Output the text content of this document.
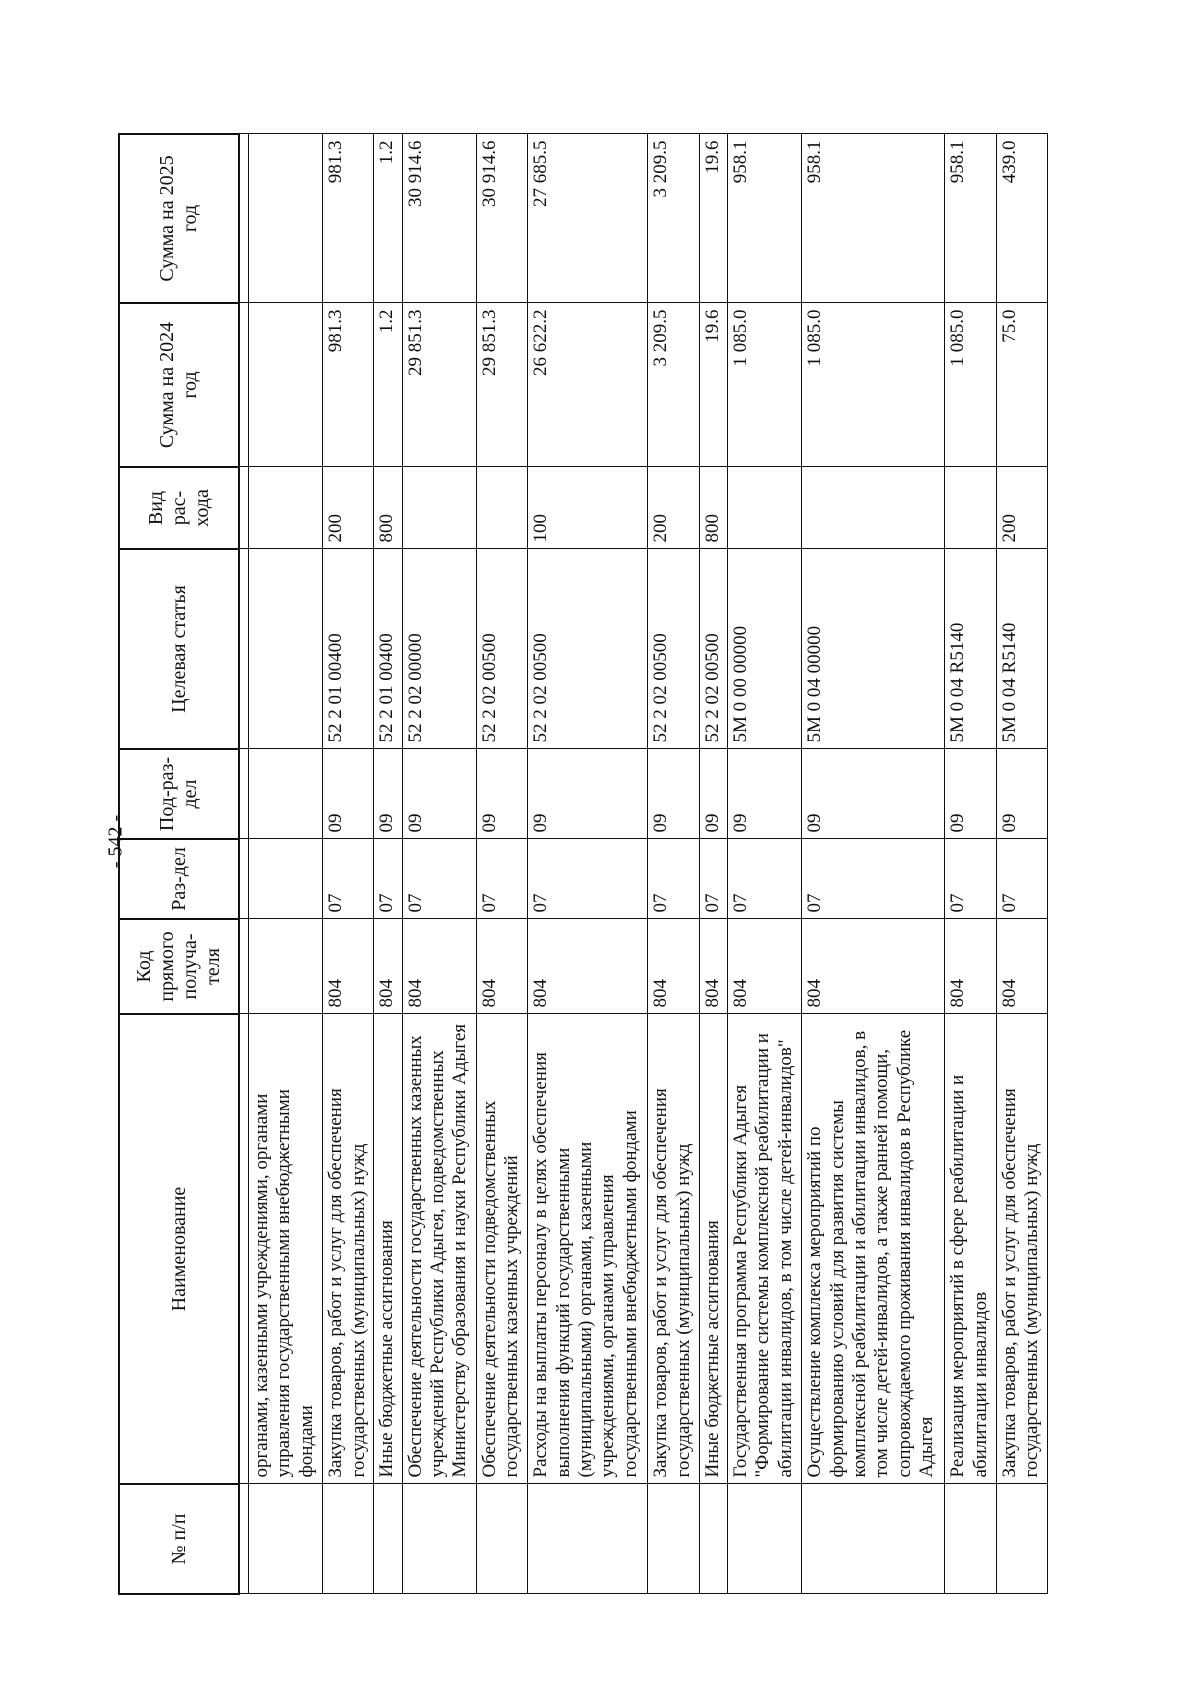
- 542 -
№ п/п	Наименование	Код прямого получа-теля	Раз-дел	Под-раз-дел	Целевая статья	Вид рас-хода	Сумма на 2024 год	Сумма на 2025 год

	органами, казенными учреждениями, органами управления государственными внебюджетными фондами							
	Закупка товаров, работ и услуг для обеспечения государственных (муниципальных) нужд	804	07	09	52 2 01 00400	200	981.3	981.3
	Иные бюджетные ассигнования	804	07	09	52 2 01 00400	800	1.2	1.2
	Обеспечение деятельности государственных казенных учреждений Республики Адыгея, подведомственных Министерству образования и науки Республики Адыгея	804	07	09	52 2 02 00000		29 851.3	30 914.6
	Обеспечение деятельности подведомственных государственных казенных учреждений	804	07	09	52 2 02 00500		29 851.3	30 914.6
	Расходы на выплаты персоналу в целях обеспечения выполнения функций государственными (муниципальными) органами, казенными учреждениями, органами управления государственными внебюджетными фондами	804	07	09	52 2 02 00500	100	26 622.2	27 685.5
	Закупка товаров, работ и услуг для обеспечения государственных (муниципальных) нужд	804	07	09	52 2 02 00500	200	3 209.5	3 209.5
	Иные бюджетные ассигнования	804	07	09	52 2 02 00500	800	19.6	19.6
	Государственная программа Республики Адыгея "Формирование системы комплексной реабилитации и абилитации инвалидов, в том числе детей-инвалидов"	804	07	09	5М 0 00 00000		1 085.0	958.1
	Осуществление комплекса мероприятий по формированию условий для развития системы комплексной реабилитации и абилитации инвалидов, в том числе детей-инвалидов, а также ранней помощи, сопровождаемого проживания инвалидов в Республике Адыгея	804	07	09	5М 0 04 00000		1 085.0	958.1
	Реализация мероприятий в сфере реабилитации и абилитации инвалидов	804	07	09	5М 0 04 R5140		1 085.0	958.1
	Закупка товаров, работ и услуг для обеспечения государственных (муниципальных) нужд	804	07	09	5М 0 04 R5140	200	75.0	439.0
